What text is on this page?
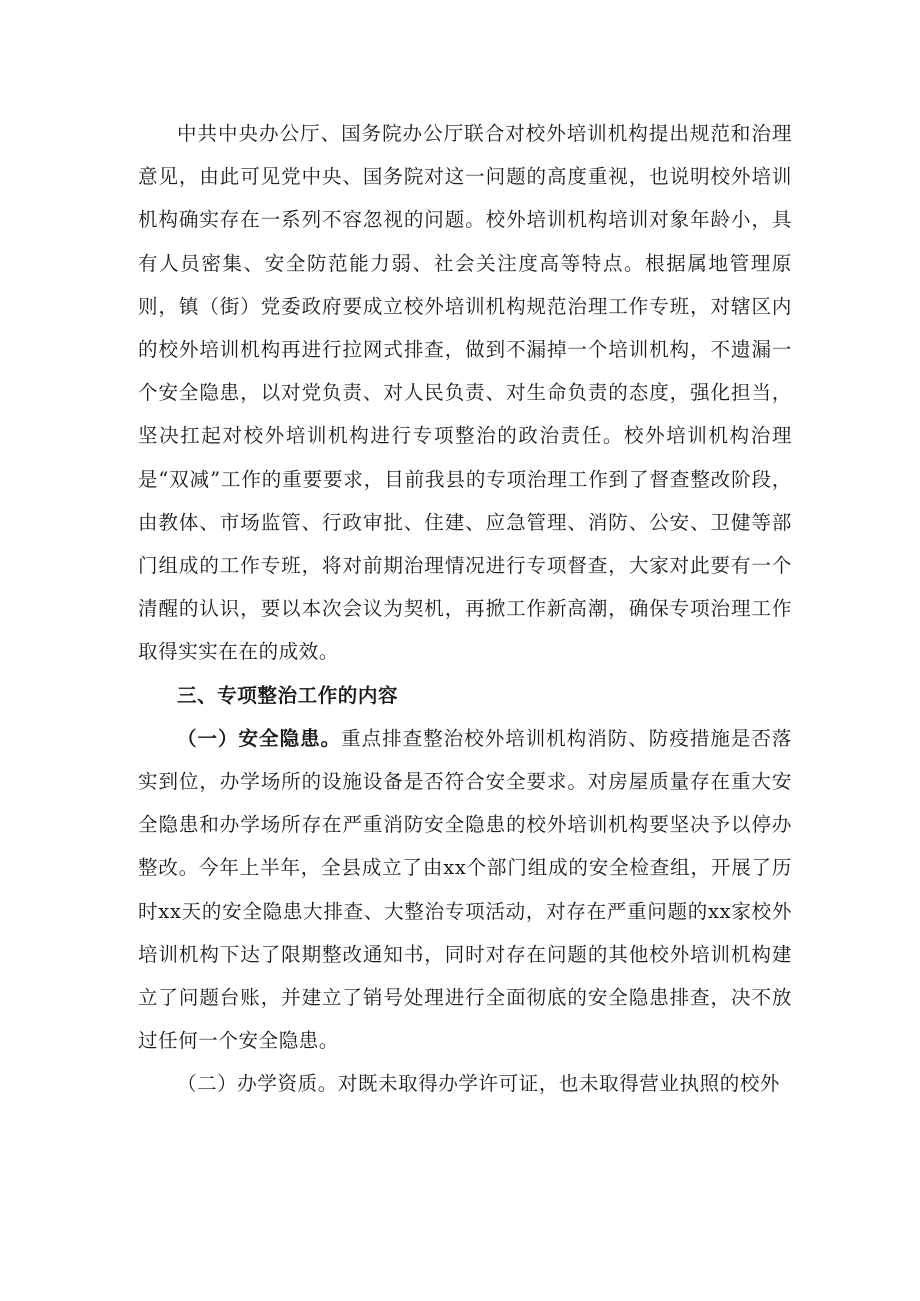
中共中央办公厅、国务院办公厅联合对校外培训机构提出规范和治理意见，由此可见党中央、国务院对这一问题的高度重视，也说明校外培训机构确实存在一系列不容忽视的问题。校外培训机构培训对象年龄小，具有人员密集、安全防范能力弱、社会关注度高等特点。根据属地管理原则，镇（街）党委政府要成立校外培训机构规范治理工作专班，对辖区内的校外培训机构再进行拉网式排查，做到不漏掉一个培训机构，不遗漏一个安全隐患，以对党负责、对人民负责、对生命负责的态度，强化担当，坚决扛起对校外培训机构进行专项整治的政治责任。校外培训机构治理是“双减”工作的重要要求，目前我县的专项治理工作到了督查整改阶段，由教体、市场监管、行政审批、住建、应急管理、消防、公安、卫健等部门组成的工作专班，将对前期治理情况进行专项督查，大家对此要有一个清醒的认识，要以本次会议为契机，再掀工作新高潮，确保专项治理工作取得实实在在的成效。

三、专项整治工作的内容

（一）安全隐患。重点排查整治校外培训机构消防、防疫措施是否落实到位，办学场所的设施设备是否符合安全要求。对房屋质量存在重大安全隐患和办学场所存在严重消防安全隐患的校外培训机构要坚决予以停办整改。今年上半年，全县成立了由xx个部门组成的安全检查组，开展了历时xx天的安全隐患大排查、大整治专项活动，对存在严重问题的xx家校外培训机构下达了限期整改通知书，同时对存在问题的其他校外培训机构建立了问题台账，并建立了销号处理进行全面彻底的安全隐患排查，决不放过任何一个安全隐患。

（二）办学资质。对既未取得办学许可证，也未取得营业执照的校外
